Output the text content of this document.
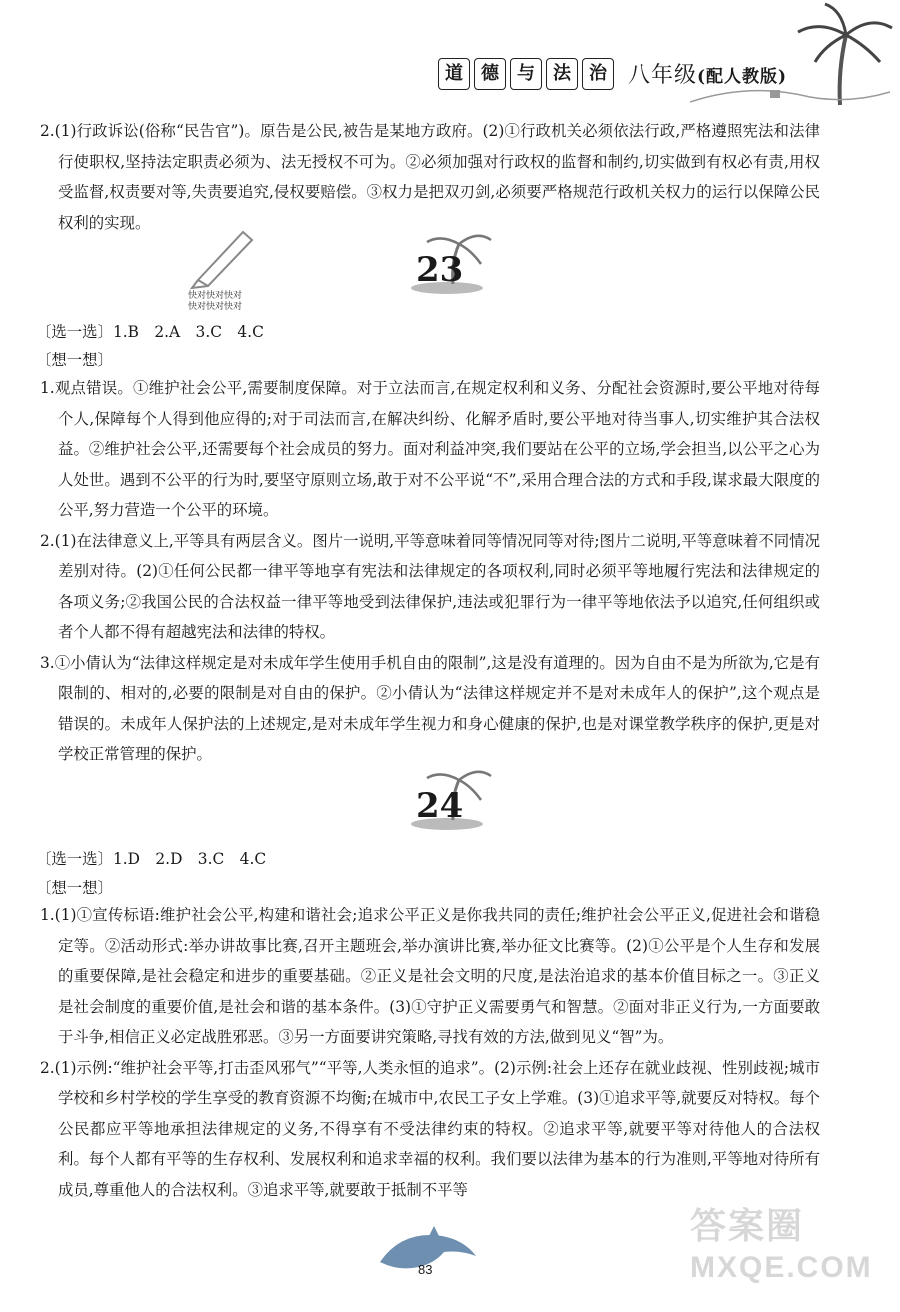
道	德	与	法	治 八年级(配人教版)

2.(1)行政诉讼(俗称“民告官”)。原告是公民,被告是某地方政府。(2)①行政机关必须依法行政,严格遵照宪法和法律行使职权,坚持法定职责必须为、法无授权不可为。②必须加强对行政权的监督和制约,切实做到有权必有责,用权受监督,权责要对等,失责要追究,侵权要赔偿。③权力是把双刃剑,必须要严格规范行政机关权力的运行以保障公民权利的实现。

快对快对快对
快对快对快对
23
〔选一选〕1.B　2.A　3.C　4.C
〔想一想〕

1.观点错误。①维护社会公平,需要制度保障。对于立法而言,在规定权利和义务、分配社会资源时,要公平地对待每个人,保障每个人得到他应得的;对于司法而言,在解决纠纷、化解矛盾时,要公平地对待当事人,切实维护其合法权益。②维护社会公平,还需要每个社会成员的努力。面对利益冲突,我们要站在公平的立场,学会担当,以公平之心为人处世。遇到不公平的行为时,要坚守原则立场,敢于对不公平说“不”,采用合理合法的方式和手段,谋求最大限度的公平,努力营造一个公平的环境。
2.(1)在法律意义上,平等具有两层含义。图片一说明,平等意味着同等情况同等对待;图片二说明,平等意味着不同情况差别对待。(2)①任何公民都一律平等地享有宪法和法律规定的各项权利,同时必须平等地履行宪法和法律规定的各项义务;②我国公民的合法权益一律平等地受到法律保护,违法或犯罪行为一律平等地依法予以追究,任何组织或者个人都不得有超越宪法和法律的特权。
3.①小倩认为“法律这样规定是对未成年学生使用手机自由的限制”,这是没有道理的。因为自由不是为所欲为,它是有限制的、相对的,必要的限制是对自由的保护。②小倩认为“法律这样规定并不是对未成年人的保护”,这个观点是错误的。未成年人保护法的上述规定,是对未成年学生视力和身心健康的保护,也是对课堂教学秩序的保护,更是对学校正常管理的保护。

24
〔选一选〕1.D　2.D　3.C　4.C
〔想一想〕

1.(1)①宣传标语:维护社会公平,构建和谐社会;追求公平正义是你我共同的责任;维护社会公平正义,促进社会和谐稳定等。②活动形式:举办讲故事比赛,召开主题班会,举办演讲比赛,举办征文比赛等。(2)①公平是个人生存和发展的重要保障,是社会稳定和进步的重要基础。②正义是社会文明的尺度,是法治追求的基本价值目标之一。③正义是社会制度的重要价值,是社会和谐的基本条件。(3)①守护正义需要勇气和智慧。②面对非正义行为,一方面要敢于斗争,相信正义必定战胜邪恶。③另一方面要讲究策略,寻找有效的方法,做到见义“智”为。
2.(1)示例:“维护社会平等,打击歪风邪气”“平等,人类永恒的追求”。(2)示例:社会上还存在就业歧视、性别歧视;城市学校和乡村学校的学生享受的教育资源不均衡;在城市中,农民工子女上学难。(3)①追求平等,就要反对特权。每个公民都应平等地承担法律规定的义务,不得享有不受法律约束的特权。②追求平等,就要平等对待他人的合法权利。每个人都有平等的生存权利、发展权利和追求幸福的权利。我们要以法律为基本的行为准则,平等地对待所有成员,尊重他人的合法权利。③追求平等,就要敢于抵制不平等

83
答案圈
MXQE.COM
